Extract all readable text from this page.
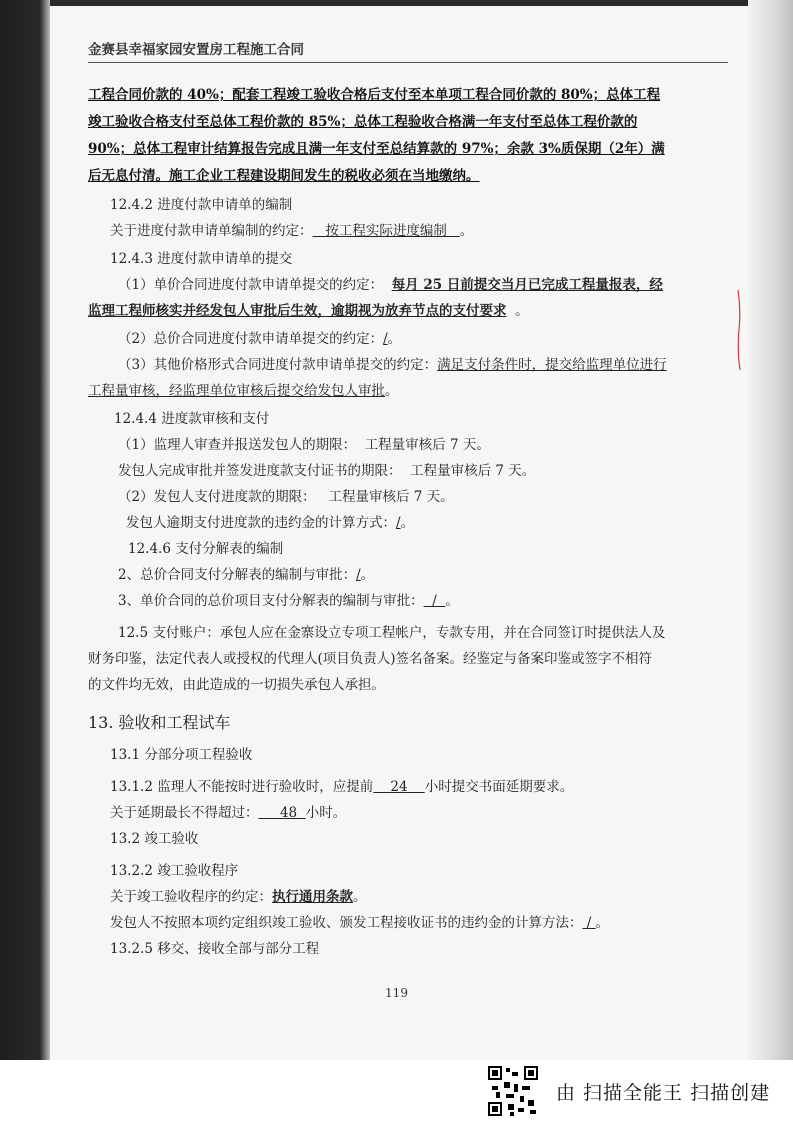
金赛县幸福家园安置房工程施工合同
工程合同价款的 40%；配套工程竣工验收合格后支付至本单项工程合同价款的 80%；总体工程
竣工验收合格支付至总体工程价款的 85%；总体工程验收合格满一年支付至总体工程价款的
90%；总体工程审计结算报告完成且满一年支付至总结算款的 97%；余款 3%质保期（2年）满
后无息付清。施工企业工程建设期间发生的税收必须在当地缴纳。
12.4.2 进度付款申请单的编制
关于进度付款申请单编制的约定： 按工程实际进度编制 。
12.4.3 进度付款申请单的提交
（1）单价合同进度付款申请单提交的约定： 每月 25 日前提交当月已完成工程量报表，经
监理工程师核实并经发包人审批后生效，逾期视为放弃节点的支付要求  。
（2）总价合同进度付款申请单提交的约定：/。
（3）其他价格形式合同进度付款申请单提交的约定：满足支付条件时，提交给监理单位进行
工程量审核，经监理单位审核后提交给发包人审批。
12.4.4 进度款审核和支付
（1）监理人审查并报送发包人的期限： 工程量审核后 7 天。
发包人完成审批并签发进度款支付证书的期限： 工程量审核后 7 天。
（2）发包人支付进度款的期限： 工程量审核后 7 天。
发包人逾期支付进度款的违约金的计算方式：/。
12.4.6 支付分解表的编制
2、总价合同支付分解表的编制与审批：/。
3、单价合同的总价项目支付分解表的编制与审批： / 。
12.5 支付账户：承包人应在金寨设立专项工程帐户，专款专用，并在合同签订时提供法人及
财务印鉴，法定代表人或授权的代理人(项目负责人)签名备案。经鉴定与备案印鉴或签字不相符
的文件均无效，由此造成的一切损失承包人承担。
13. 验收和工程试车
13.1 分部分项工程验收
13.1.2 监理人不能按时进行验收时，应提前 24 小时提交书面延期要求。
关于延期最长不得超过： 48 小时。
13.2 竣工验收
13.2.2 竣工验收程序
关于竣工验收程序的约定：执行通用条款。
发包人不按照本项约定组织竣工验收、颁发工程接收证书的违约金的计算方法： / 。
13.2.5 移交、接收全部与部分工程
119
由 扫描全能王 扫描创建
